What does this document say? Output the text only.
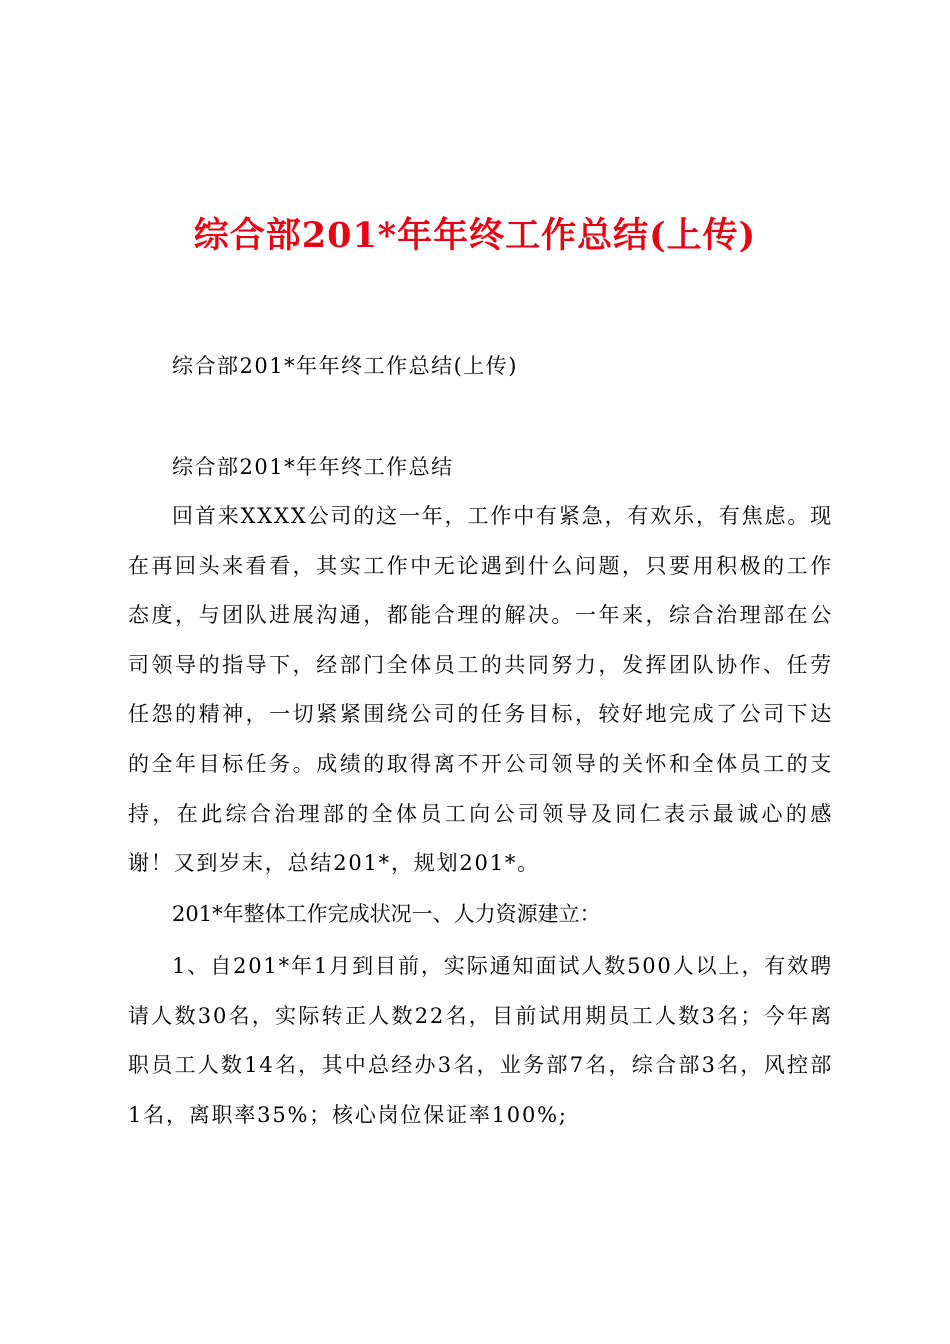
综合部201*年年终工作总结(上传)
综合部201*年年终工作总结(上传)
综合部201*年年终工作总结

回首来XXXX公司的这一年，工作中有紧急，有欢乐，有焦虑。现在再回头来看看，其实工作中无论遇到什么问题，只要用积极的工作态度，与团队进展沟通，都能合理的解决。一年来，综合治理部在公司领导的指导下，经部门全体员工的共同努力，发挥团队协作、任劳任怨的精神，一切紧紧围绕公司的任务目标，较好地完成了公司下达的全年目标任务。成绩的取得离不开公司领导的关怀和全体员工的支持，在此综合治理部的全体员工向公司领导及同仁表示最诚心的感谢！又到岁末，总结201*，规划201*。

201*年整体工作完成状况一、人力资源建立：

1、自201*年1月到目前，实际通知面试人数500人以上，有效聘请人数30名，实际转正人数22名，目前试用期员工人数3名；今年离职员工人数14名，其中总经办3名，业务部7名，综合部3名，风控部1名，离职率35%；核心岗位保证率100%;
